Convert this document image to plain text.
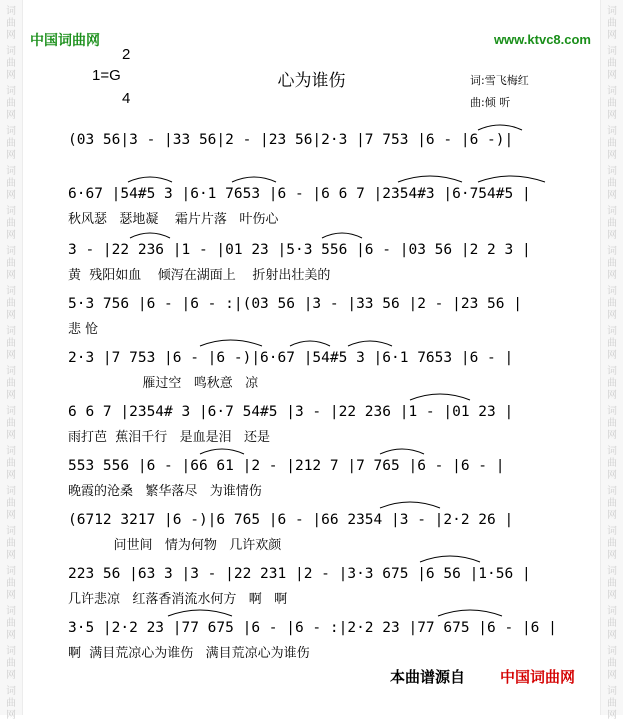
词
曲
网
词
曲
网
词
曲
网
词
曲
网
词
曲
网
词
曲
网
词
曲
网
词
曲
网
词
曲
网
词
曲
网
词
曲
网
词
曲
网
词
曲
网
词
曲
网
词
曲
网
词
曲
网
词
曲
网
词
曲
网
词
曲
网
词
曲
网
词
曲
网
词
曲
网
词
曲
网
词
曲
网
词
曲
网
词
曲
网
词
曲
网
词
曲
网
词
曲
网
词
曲
网
词
曲
网
词
曲
网
词
曲
网
词
曲
网
词
曲
网
词
曲
网
中国词曲网	www.ktvc8.com
2
1=G
4
心为谁伤	词:雪飞梅红
曲:倾 听
(03 56|3 - |33 56|2 - |23 56|2·3 |7 753 |6 - |6 -)|
6·67 |54#5 3 |6·1 7653 |6 - |6 6 7 |2354#3 |6·754#5 |
秋风瑟   瑟地凝    霜片片落   叶伤心
3 - |22 236 |1 - |01 23 |5·3 556 |6 - |03 56 |2 2 3 |
黄  残阳如血    倾泻在湖面上    折射出壮美的
5·3 756 |6 - |6 - :|(03 56 |3 - |33 56 |2 - |23 56 |
悲 怆
2·3 |7 753 |6 - |6 -)|6·67 |54#5 3 |6·1 7653 |6 - |
雁过空   鸣秋意   凉
6 6 7 |2354# 3 |6·7 54#5 |3 - |22 236 |1 - |01 23 |
雨打芭  蕉泪千行   是血是泪   还是
553 556 |6 - |66 61 |2 - |212 7 |7 765 |6 - |6 - |
晚霞的沧桑   繁华落尽   为谁情伤
(6712 3217 |6 -)|6 765 |6 - |66 2354 |3 - |2·2 26 |
问世间   情为何物   几许欢颜
223 56 |63 3 |3 - |22 231 |2 - |3·3 675 |6 56 |1·56 |
几许悲凉   红落香消流水何方   啊   啊
3·5 |2·2 23 |77 675 |6 - |6 - :|2·2 23 |77 675 |6 - |6 |
啊  满目荒凉心为谁伤   满目荒凉心为谁伤
本曲谱源自 中国词曲网
